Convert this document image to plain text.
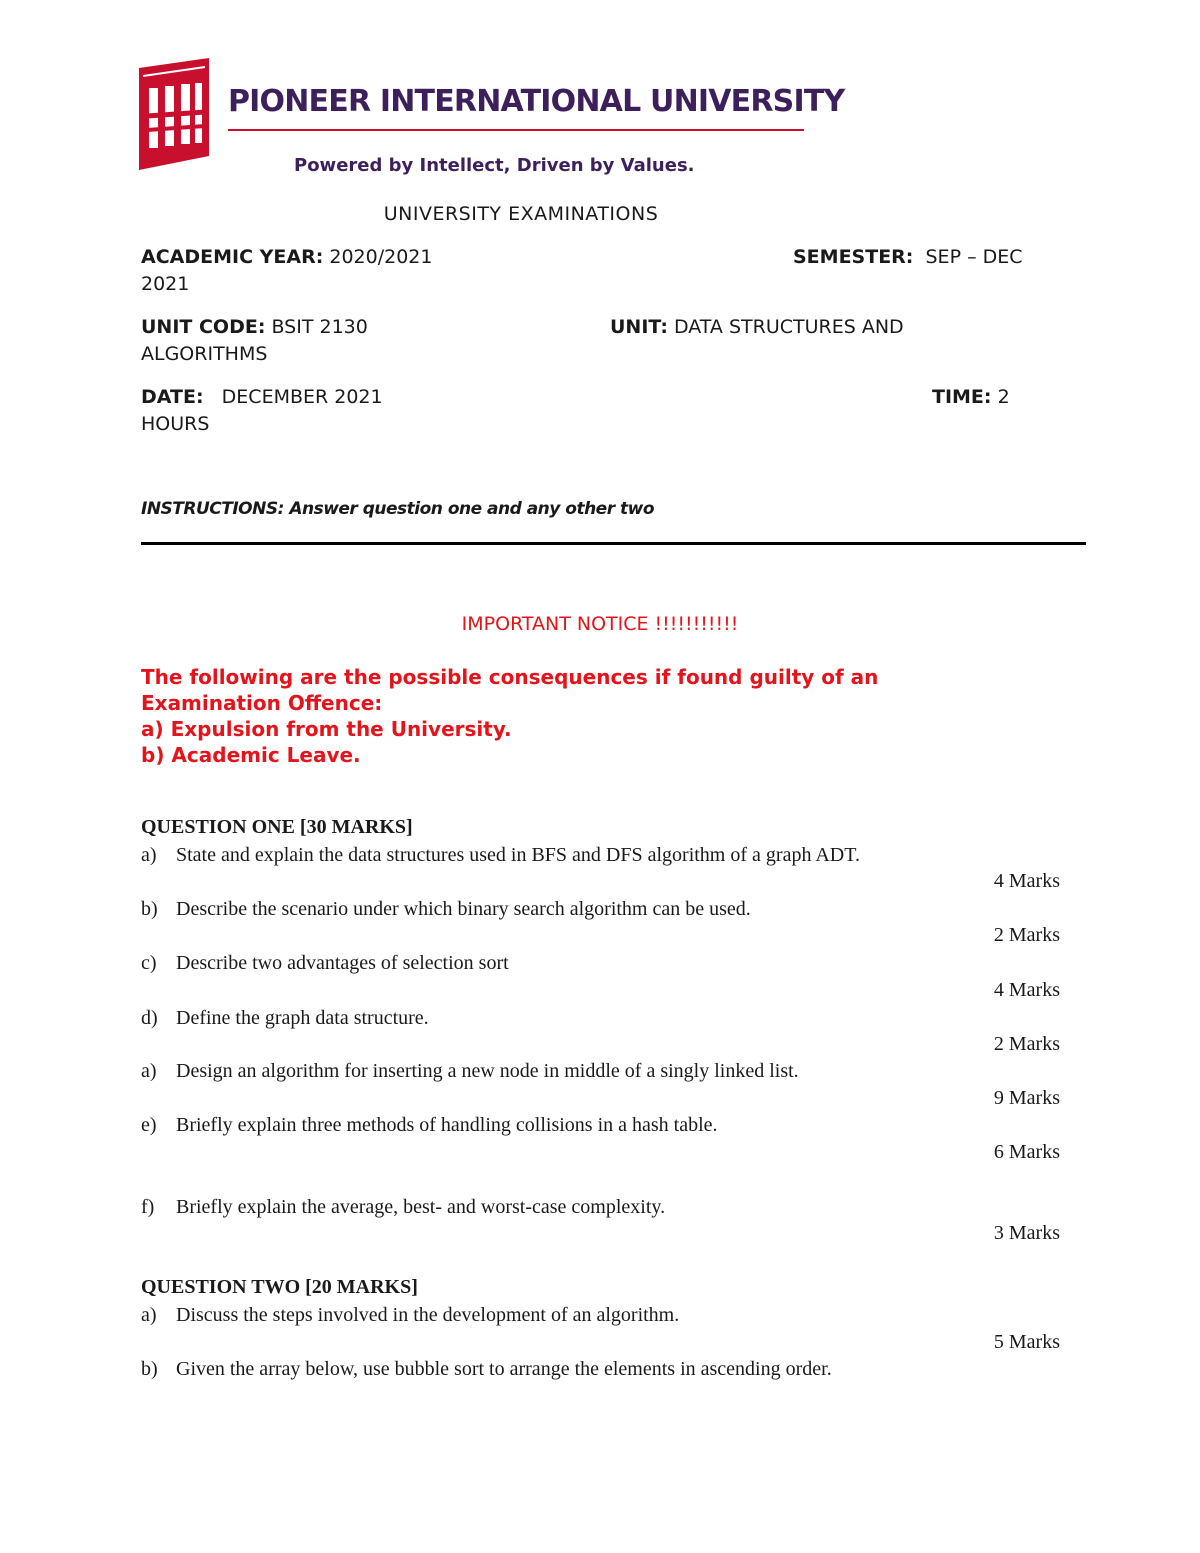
PIONEER INTERNATIONAL UNIVERSITY
Powered by Intellect, Driven by Values.
UNIVERSITY EXAMINATIONS
ACADEMIC YEAR: 2020/2021	SEMESTER: SEP – DEC
2021
UNIT CODE: BSIT 2130	UNIT: DATA STRUCTURES AND
ALGORITHMS
DATE: DECEMBER 2021	TIME: 2
HOURS
INSTRUCTIONS: Answer question one and any other two
IMPORTANT NOTICE !!!!!!!!!!!
The following are the possible consequences if found guilty of an
Examination Offence:
a) Expulsion from the University.
b) Academic Leave.
QUESTION ONE [30 MARKS]
a) State and explain the data structures used in BFS and DFS algorithm of a graph ADT.
4 Marks
b) Describe the scenario under which binary search algorithm can be used.
2 Marks
c) Describe two advantages of selection sort
4 Marks
d) Define the graph data structure.
2 Marks
a) Design an algorithm for inserting a new node in middle of a singly linked list.
9 Marks
e) Briefly explain three methods of handling collisions in a hash table.
6 Marks
f) Briefly explain the average, best- and worst-case complexity.
3 Marks
QUESTION TWO [20 MARKS]
a) Discuss the steps involved in the development of an algorithm.
5 Marks
b) Given the array below, use bubble sort to arrange the elements in ascending order.
